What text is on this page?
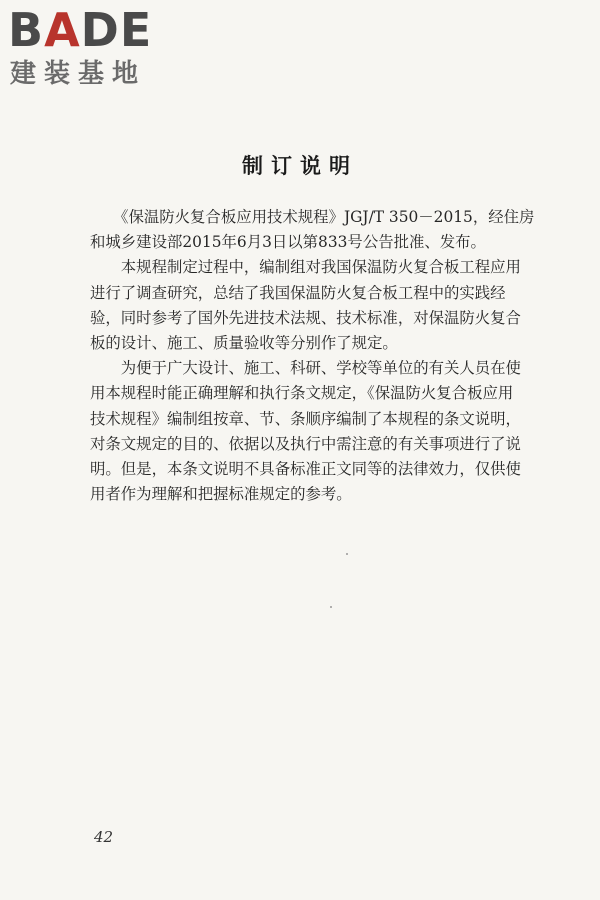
BADE
建装基地
制订说明

　　《保温防火复合板应用技术规程》JGJ/T 350－2015，经住房

和城乡建设部2015年6月3日以第833号公告批准、发布。

　　本规程制定过程中，编制组对我国保温防火复合板工程应用

进行了调查研究，总结了我国保温防火复合板工程中的实践经

验，同时参考了国外先进技术法规、技术标准，对保温防火复合

板的设计、施工、质量验收等分别作了规定。

　　为便于广大设计、施工、科研、学校等单位的有关人员在使

用本规程时能正确理解和执行条文规定，《保温防火复合板应用

技术规程》编制组按章、节、条顺序编制了本规程的条文说明，

对条文规定的目的、依据以及执行中需注意的有关事项进行了说

明。但是，本条文说明不具备标准正文同等的法律效力，仅供使

用者作为理解和把握标准规定的参考。

42
